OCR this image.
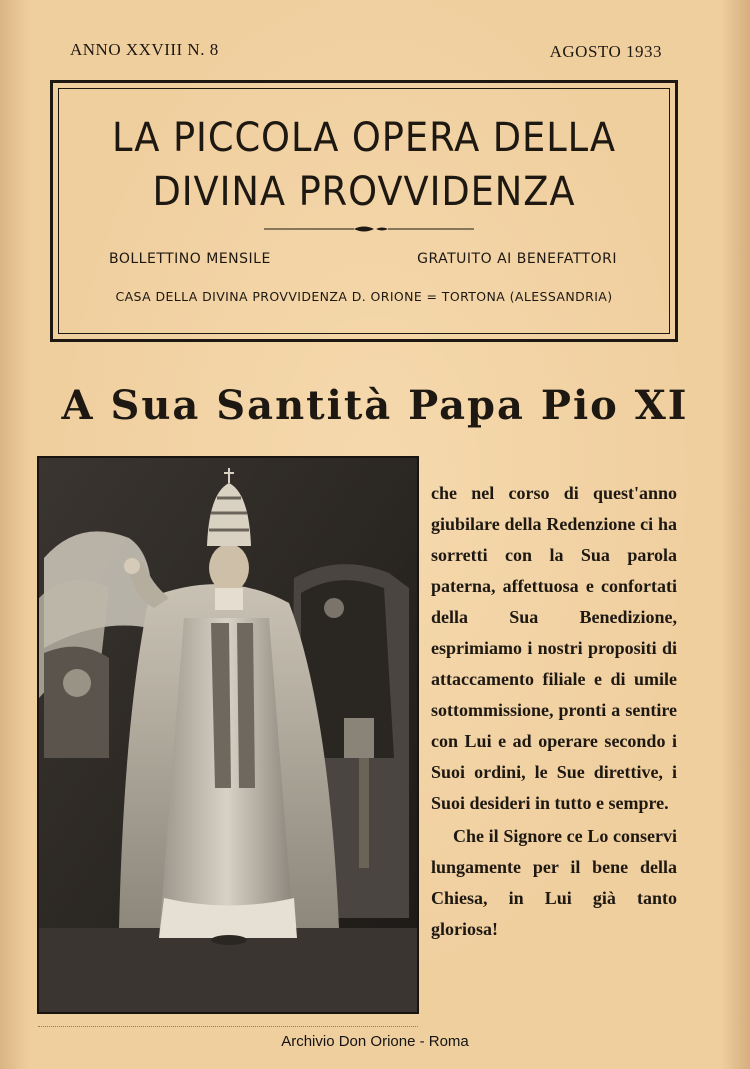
ANNO XXVIII N. 8	AGOSTO 1933
LA PICCOLA OPERA DELLA
DIVINA PROVVIDENZA
BOLLETTINO MENSILE	GRATUITO AI BENEFATTORI
CASA DELLA DIVINA PROVVIDENZA D. ORIONE = TORTONA (ALESSANDRIA)
A Sua Santità Papa Pio XI

che nel corso di quest'anno giubilare della Redenzione ci ha sorretti con la Sua parola paterna, affettuosa e confortati della Sua Benedizione, esprimiamo i nostri propositi di attaccamento filiale e di umile sottommissione, pronti a sentire con Lui e ad operare secondo i Suoi ordini, le Sue direttive, i Suoi desideri in tutto e sempre.

Che il Signore ce Lo conservi lungamente per il bene della Chiesa, in Lui già tanto gloriosa!

Archivio Don Orione - Roma
